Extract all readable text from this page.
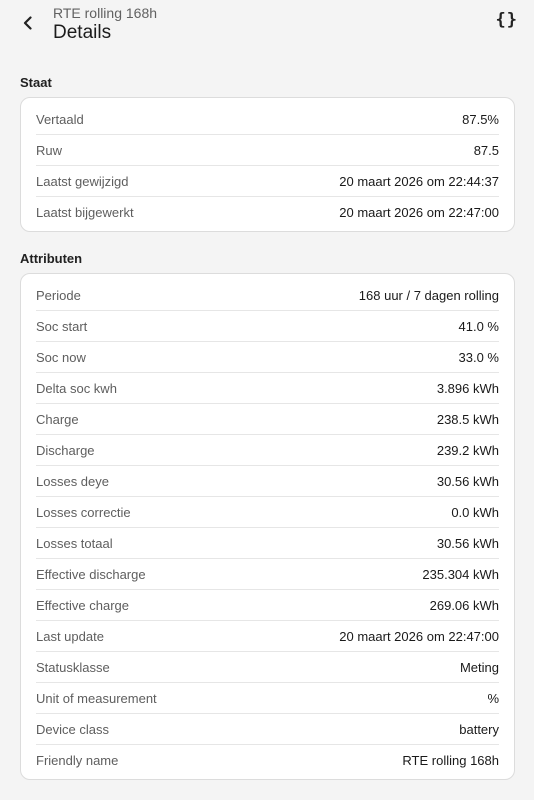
RTE rolling 168h
Details
{}
Staat
Vertaald	87.5%
Ruw	87.5
Laatst gewijzigd	20 maart 2026 om 22:44:37
Laatst bijgewerkt	20 maart 2026 om 22:47:00
Attributen
Periode	168 uur / 7 dagen rolling
Soc start	41.0 %
Soc now	33.0 %
Delta soc kwh	3.896 kWh
Charge	238.5 kWh
Discharge	239.2 kWh
Losses deye	30.56 kWh
Losses correctie	0.0 kWh
Losses totaal	30.56 kWh
Effective discharge	235.304 kWh
Effective charge	269.06 kWh
Last update	20 maart 2026 om 22:47:00
Statusklasse	Meting
Unit of measurement	%
Device class	battery
Friendly name	RTE rolling 168h
